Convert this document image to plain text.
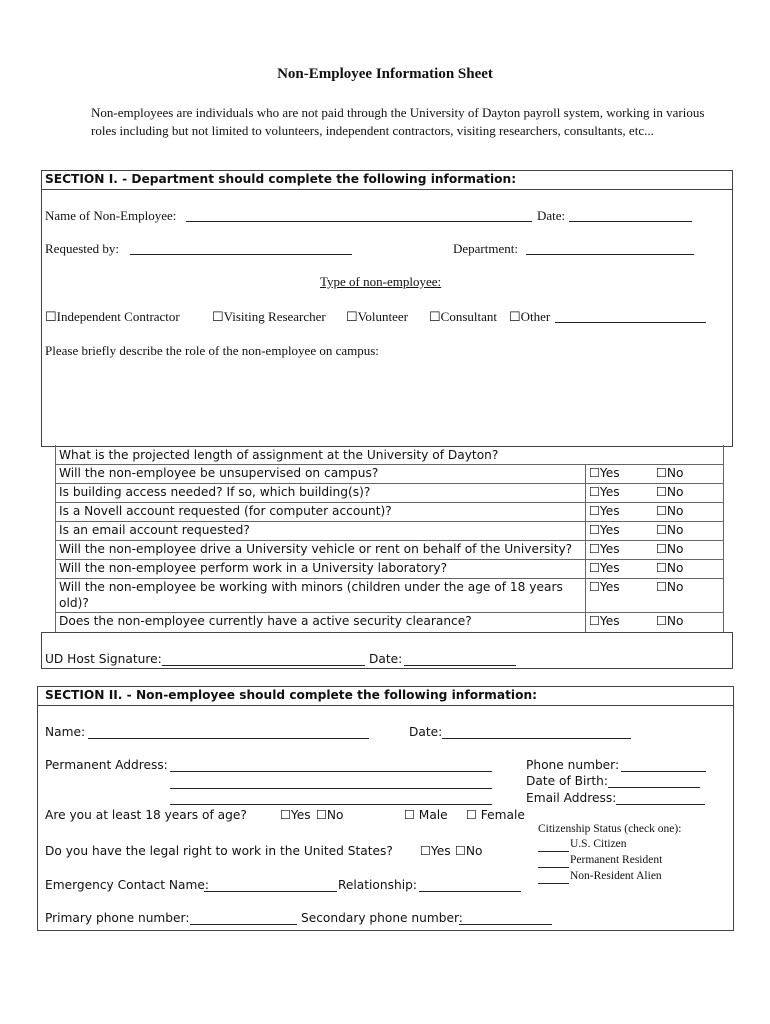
Non-Employee Information Sheet
Non-employees are individuals who are not paid through the University of Dayton payroll system, working in various roles including but not limited to volunteers, independent contractors, visiting researchers, consultants, etc...
SECTION I. - Department should complete the following information:
Name of Non-Employee:	Date:
Requested by:	Department:
Type of non-employee:
☐Independent Contractor ☐Visiting Researcher ☐Volunteer ☐Consultant ☐Other
Please briefly describe the role of the non-employee on campus:
What is the projected length of assignment at the University of Dayton?
Will the non-employee be unsupervised on campus?	☐Yes	☐No
Is building access needed? If so, which building(s)?	☐Yes	☐No
Is a Novell account requested (for computer account)?	☐Yes	☐No
Is an email account requested?	☐Yes	☐No
Will the non-employee drive a University vehicle or rent on behalf of the University? ☐Yes	☐No
Will the non-employee perform work in a University laboratory?	☐Yes	☐No
Will the non-employee be working with minors (children under the age of 18 years
old)?
☐Yes	☐No
Does the non-employee currently have a active security clearance?	☐Yes	☐No
UD Host Signature:	Date:
SECTION II. - Non-employee should complete the following information:
Name:	Date:
Permanent Address:	Phone number:
Date of Birth:
Email Address:
Are you at least 18 years of age?	☐Yes ☐No	☐ Male ☐ Female
Citizenship Status (check one):
U.S. Citizen
Permanent Resident
Non-Resident Alien
Do you have the legal right to work in the United States? ☐Yes ☐No
Emergency Contact Name:	Relationship:
Primary phone number:	Secondary phone number:
